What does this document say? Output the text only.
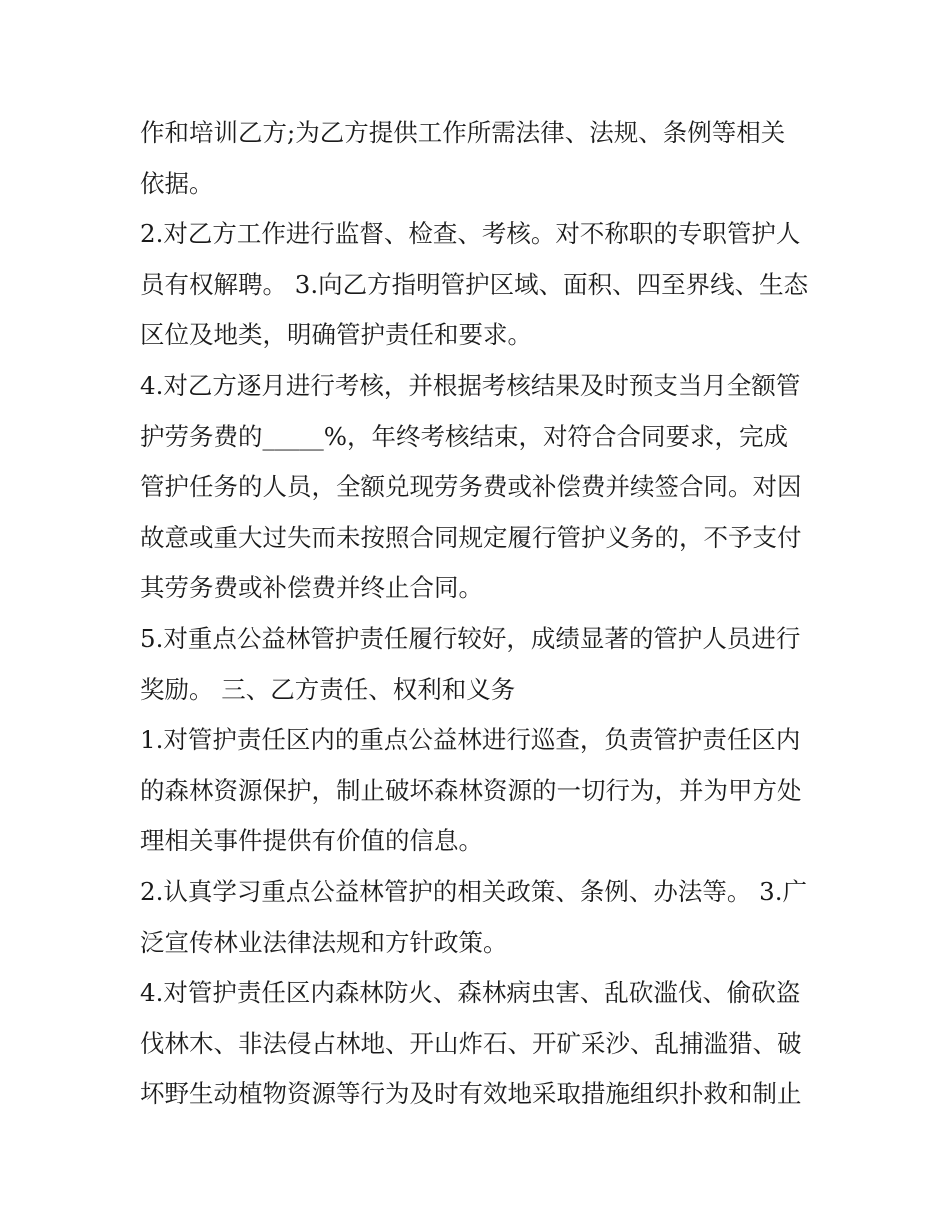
作和培训乙方;为乙方提供工作所需法律、法规、条例等相关
依据。
2.对乙方工作进行监督、检查、考核。对不称职的专职管护人
员有权解聘。 3.向乙方指明管护区域、面积、四至界线、生态
区位及地类，明确管护责任和要求。
4.对乙方逐月进行考核，并根据考核结果及时预支当月全额管
护劳务费的_____%，年终考核结束，对符合合同要求，完成
管护任务的人员，全额兑现劳务费或补偿费并续签合同。对因
故意或重大过失而未按照合同规定履行管护义务的，不予支付
其劳务费或补偿费并终止合同。
5.对重点公益林管护责任履行较好，成绩显著的管护人员进行
奖励。 三、乙方责任、权利和义务
1.对管护责任区内的重点公益林进行巡查，负责管护责任区内
的森林资源保护，制止破坏森林资源的一切行为，并为甲方处
理相关事件提供有价值的信息。
2.认真学习重点公益林管护的相关政策、条例、办法等。 3.广
泛宣传林业法律法规和方针政策。
4.对管护责任区内森林防火、森林病虫害、乱砍滥伐、偷砍盗
伐林木、非法侵占林地、开山炸石、开矿采沙、乱捕滥猎、破
坏野生动植物资源等行为及时有效地采取措施组织扑救和制止
